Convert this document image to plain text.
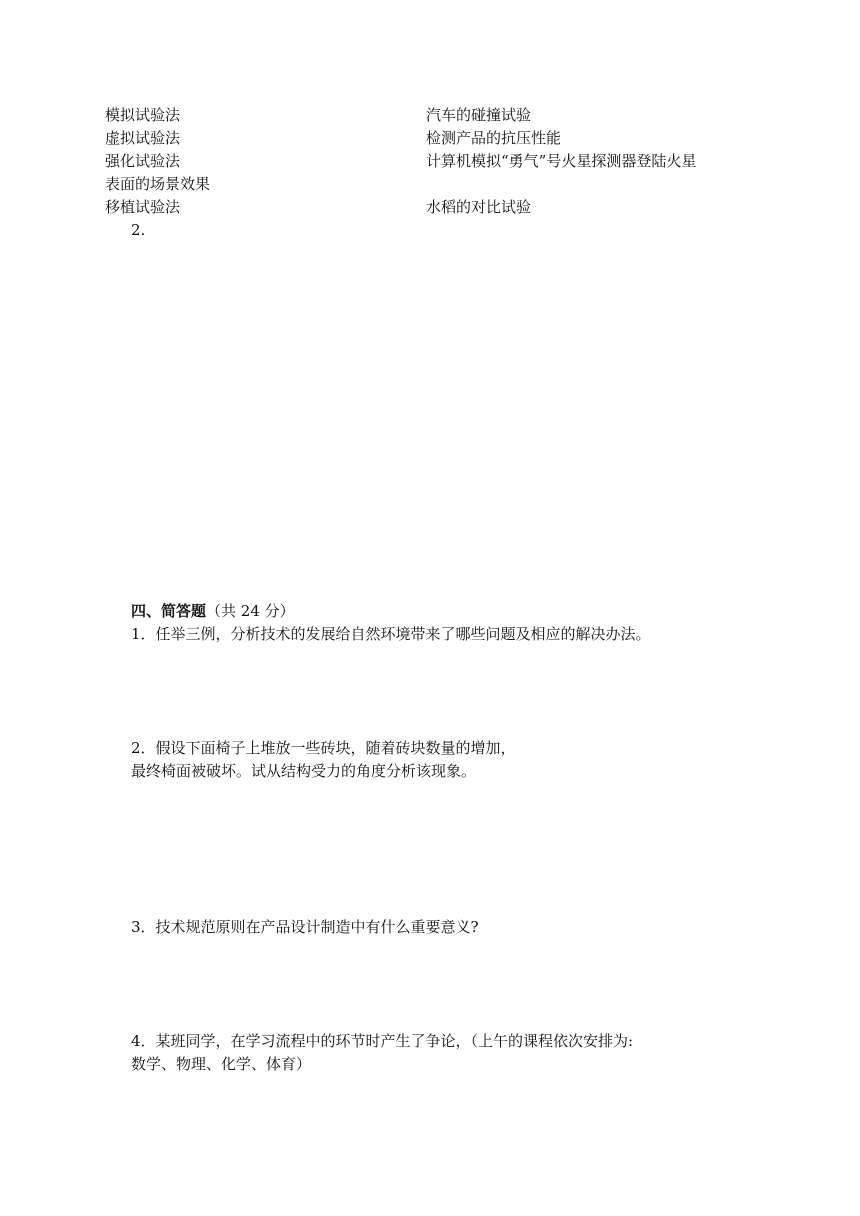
模拟试验法	汽车的碰撞试验
虚拟试验法	检测产品的抗压性能
强化试验法	计算机模拟“勇气”号火星探测器登陆火星
表面的场景效果
移植试验法	水稻的对比试验
2.
四、简答题（共 24 分）
1．任举三例，分析技术的发展给自然环境带来了哪些问题及相应的解决办法。
2．假设下面椅子上堆放一些砖块，随着砖块数量的增加，
最终椅面被破坏。试从结构受力的角度分析该现象。
3．技术规范原则在产品设计制造中有什么重要意义?
4．某班同学，在学习流程中的环节时产生了争论，（上午的课程依次安排为:
数学、物理、化学、体育）
